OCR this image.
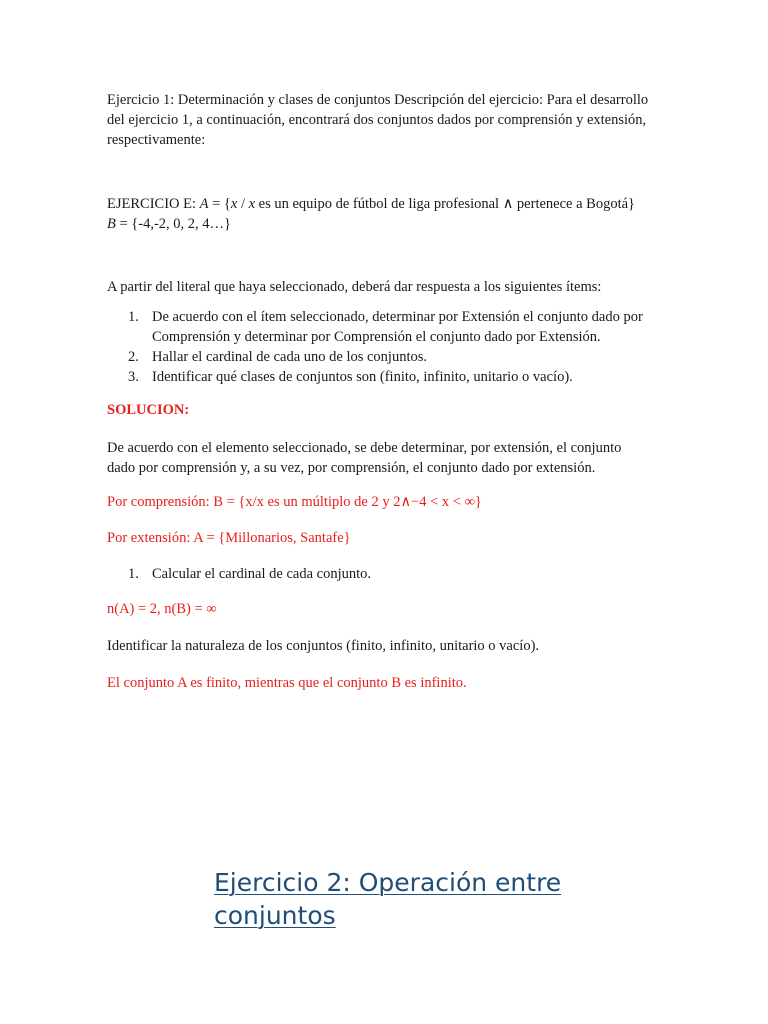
Ejercicio 1: Determinación y clases de conjuntos Descripción del ejercicio: Para el desarrollo del ejercicio 1, a continuación, encontrará dos conjuntos dados por comprensión y extensión, respectivamente:

EJERCICIO E: A = {x / x es un equipo de fútbol de liga profesional ∧ pertenece a Bogotá}
B = {-4,-2, 0, 2, 4…}

A partir del literal que haya seleccionado, deberá dar respuesta a los siguientes ítems:

1. De acuerdo con el ítem seleccionado, determinar por Extensión el conjunto dado por Comprensión y determinar por Comprensión el conjunto dado por Extensión.
2. Hallar el cardinal de cada uno de los conjuntos.
3. Identificar qué clases de conjuntos son (finito, infinito, unitario o vacío).

SOLUCION:

De acuerdo con el elemento seleccionado, se debe determinar, por extensión, el conjunto dado por comprensión y, a su vez, por comprensión, el conjunto dado por extensión.

Por comprensión: B = {x/x es un múltiplo de 2 y 2∧−4 < x < ∞}

Por extensión: A = {Millonarios, Santafe}

1. Calcular el cardinal de cada conjunto.

n(A) = 2, n(B) = ∞

Identificar la naturaleza de los conjuntos (finito, infinito, unitario o vacío).

El conjunto A es finito, mientras que el conjunto B es infinito.

Ejercicio 2: Operación entre conjuntos
